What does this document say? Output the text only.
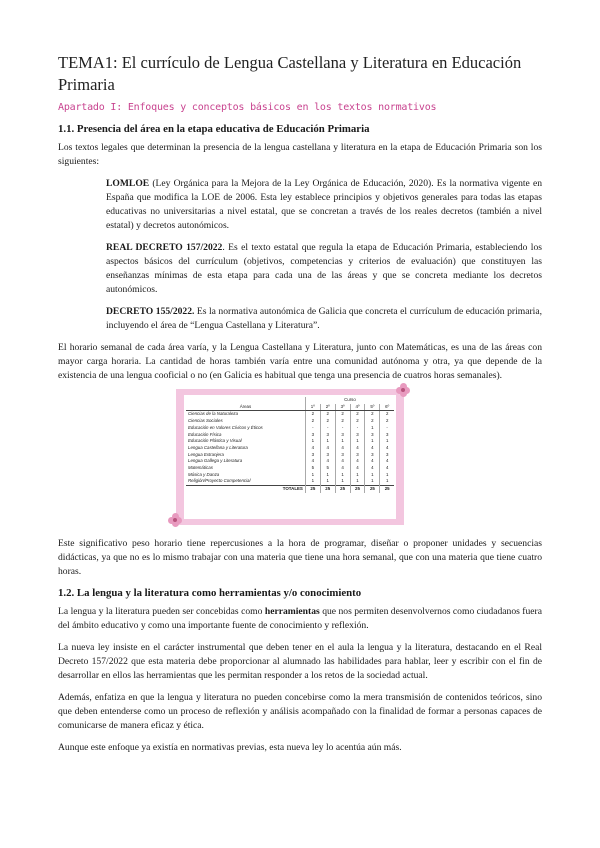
TEMA1: El currículo de Lengua Castellana y Literatura en Educación Primaria
Apartado I: Enfoques y conceptos básicos en los textos normativos
1.1. Presencia del área en la etapa educativa de Educación Primaria

Los textos legales que determinan la presencia de la lengua castellana y literatura en la etapa de Educación Primaria son los siguientes:

LOMLOE (Ley Orgánica para la Mejora de la Ley Orgánica de Educación, 2020). Es la normativa vigente en España que modifica la LOE de 2006. Esta ley establece principios y objetivos generales para todas las etapas educativas no universitarias a nivel estatal, que se concretan a través de los reales decretos (también a nivel estatal) y decretos autonómicos.

REAL DECRETO 157/2022. Es el texto estatal que regula la etapa de Educación Primaria, estableciendo los aspectos básicos del currículum (objetivos, competencias y criterios de evaluación) que constituyen las enseñanzas mínimas de esta etapa para cada una de las áreas y que se concreta mediante los decretos autonómicos.

DECRETO 155/2022. Es la normativa autonómica de Galicia que concreta el currículum de educación primaria, incluyendo el área de “Lengua Castellana y Literatura”.

El horario semanal de cada área varía, y la Lengua Castellana y Literatura, junto con Matemáticas, es una de las áreas con mayor carga horaria. La cantidad de horas también varía entre una comunidad autónoma y otra, ya que depende de la existencia de una lengua cooficial o no (en Galicia es habitual que tenga una presencia de cuatros horas semanales).

	Curso					
Áreas	1º	2º	3º	4º	5º	6º
Ciencias de la Naturaleza	2	2	2	2	2	2
Ciencias Sociales	2	2	2	2	2	2
Educación en Valores Cívicos y Éticos	-	-	-	-	1	-
Educación Física	3	3	3	3	3	3
Educación Plástica y Visual	1	1	1	1	1	1
Lengua Castellana y Literatura	4	4	4	4	4	4
Lengua Extranjera	3	3	3	3	3	3
Lengua Gallega y Literatura	4	4	4	4	4	4
Matemáticas	5	5	4	4	4	4
Música y Danza	1	1	1	1	1	1
Religión/Proyecto Competencial	1	1	1	1	1	1
TOTALES	25	25	25	25	25	25

Este significativo peso horario tiene repercusiones a la hora de programar, diseñar o proponer unidades y secuencias didácticas, ya que no es lo mismo trabajar con una materia que tiene una hora semanal, que con una materia que tiene cuatro horas.

1.2. La lengua y la literatura como herramientas y/o conocimiento

La lengua y la literatura pueden ser concebidas como herramientas que nos permiten desenvolvernos como ciudadanos fuera del ámbito educativo y como una importante fuente de conocimiento y reflexión.

La nueva ley insiste en el carácter instrumental que deben tener en el aula la lengua y la literatura, destacando en el Real Decreto 157/2022 que esta materia debe proporcionar al alumnado las habilidades para hablar, leer y escribir con el fin de desarrollar en ellos las herramientas que les permitan responder a los retos de la sociedad actual.

Además, enfatiza en que la lengua y literatura no pueden concebirse como la mera transmisión de contenidos teóricos, sino que deben entenderse como un proceso de reflexión y análisis acompañado con la finalidad de formar a personas capaces de comunicarse de manera eficaz y ética.

Aunque este enfoque ya existía en normativas previas, esta nueva ley lo acentúa aún más.
